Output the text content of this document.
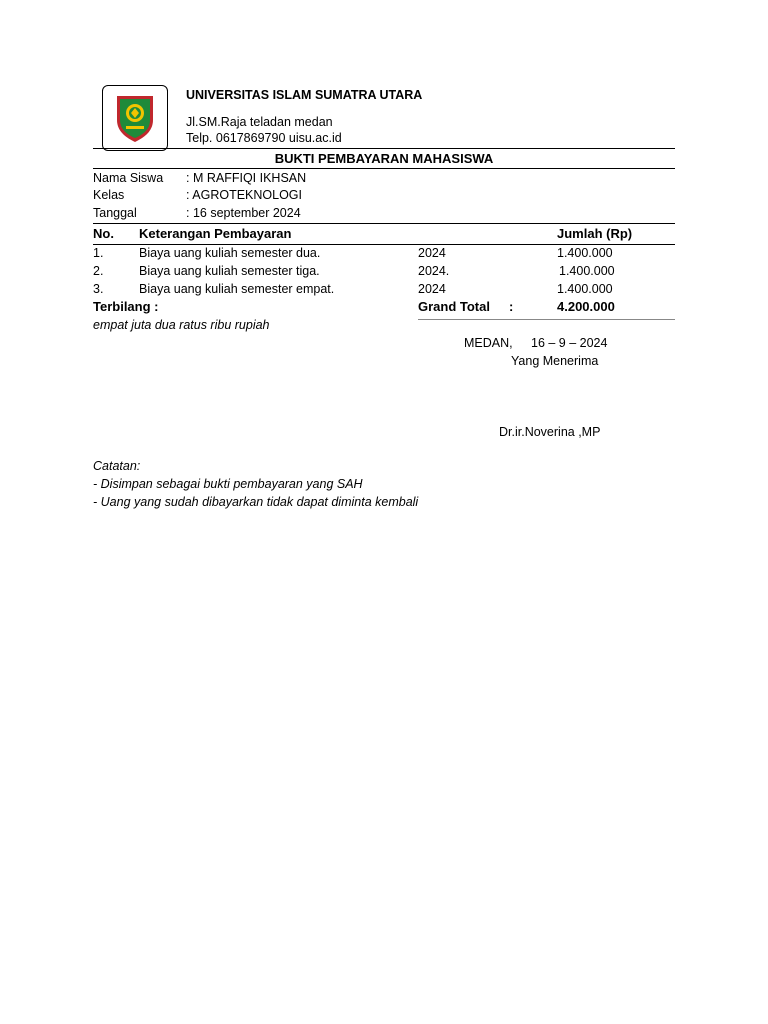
UNIVERSITAS ISLAM SUMATRA UTARA
Jl.SM.Raja teladan medan
Telp. 0617869790 uisu.ac.id
BUKTI PEMBAYARAN MAHASISWA
Nama Siswa : M RAFFIQI IKHSAN
Kelas	: AGROTEKNOLOGI
Tanggal	: 16 september 2024
No. Keterangan Pembayaran	Jumlah (Rp)
1.	Biaya uang kuliah semester dua.	2024	1.400.000
2.	Biaya uang kuliah semester tiga.	2024.	1.400.000
3.	Biaya uang kuliah semester empat.	2024	1.400.000
Terbilang :	Grand Total :	4.200.000
empat juta dua ratus ribu rupiah
MEDAN, 16 – 9 – 2024
Yang Menerima
Dr.ir.Noverina ,MP
Catatan:
- Disimpan sebagai bukti pembayaran yang SAH
- Uang yang sudah dibayarkan tidak dapat diminta kembali
